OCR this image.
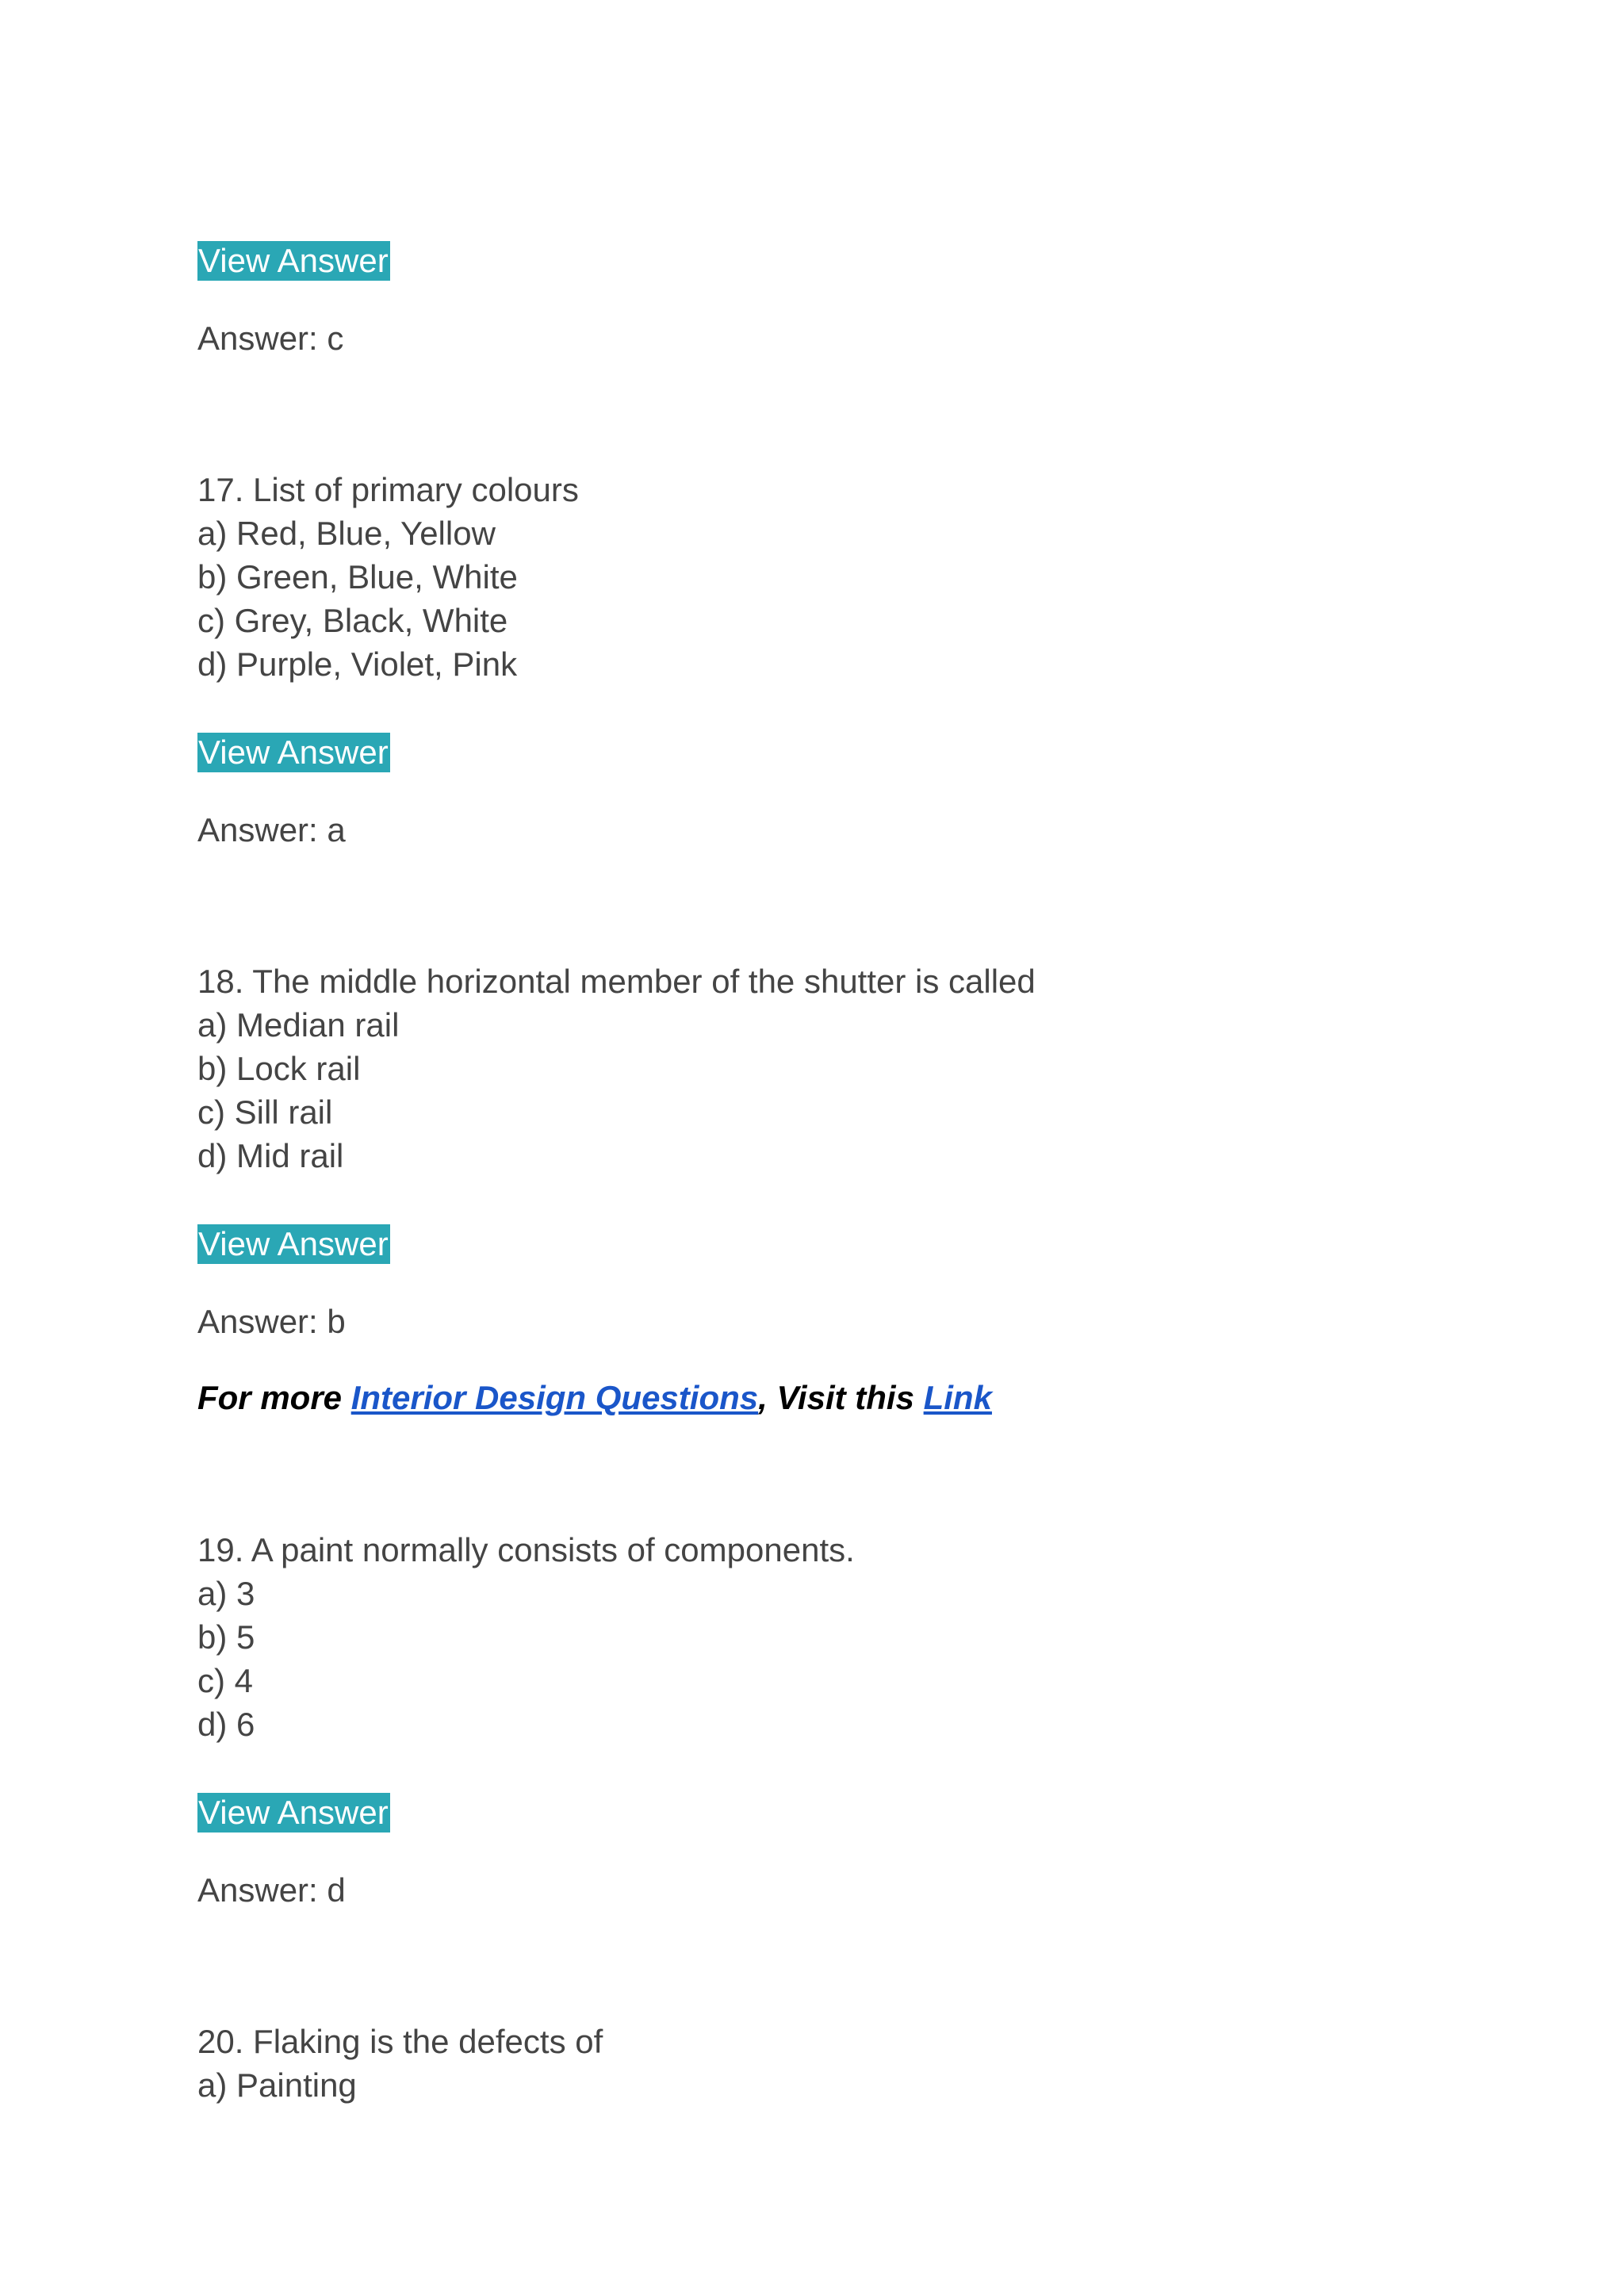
View Answer
Answer: c
17. List of primary colours
a) Red, Blue, Yellow
b) Green, Blue, White
c) Grey, Black, White
d) Purple, Violet, Pink
View Answer
Answer: a
18. The middle horizontal member of the shutter is called
a) Median rail
b) Lock rail
c) Sill rail
d) Mid rail
View Answer
Answer: b
For more Interior Design Questions, Visit this Link
19. A paint normally consists of components.
a) 3
b) 5
c) 4
d) 6
View Answer
Answer: d
20. Flaking is the defects of
a) Painting
